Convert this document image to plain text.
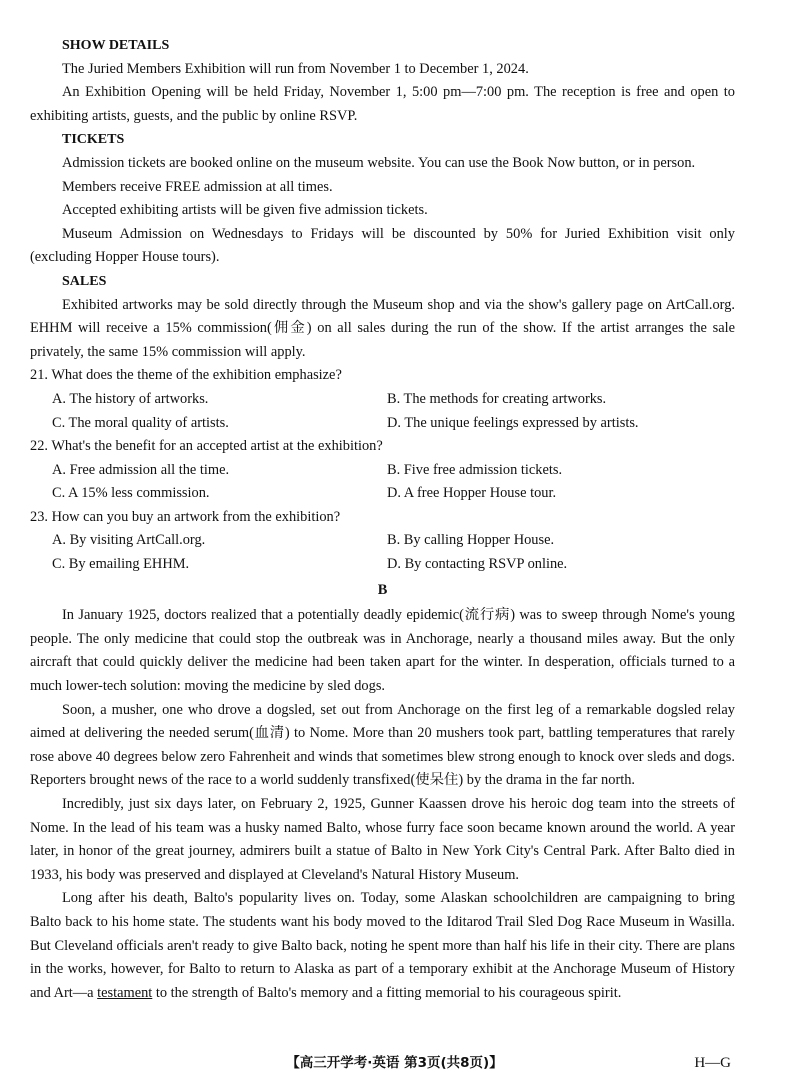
SHOW DETAILS

The Juried Members Exhibition will run from November 1 to December 1, 2024.

An Exhibition Opening will be held Friday, November 1, 5:00 pm—7:00 pm. The reception is free and open to exhibiting artists, guests, and the public by online RSVP.

TICKETS

Admission tickets are booked online on the museum website. You can use the Book Now button, or in person.

Members receive FREE admission at all times.

Accepted exhibiting artists will be given five admission tickets.

Museum Admission on Wednesdays to Fridays will be discounted by 50% for Juried Exhibition visit only (excluding Hopper House tours).

SALES

Exhibited artworks may be sold directly through the Museum shop and via the show's gallery page on ArtCall.org. EHHM will receive a 15% commission(佣金) on all sales during the run of the show. If the artist arranges the sale privately, the same 15% commission will apply.

21. What does the theme of the exhibition emphasize?

A. The history of artworks.	B. The methods for creating artworks.
C. The moral quality of artists.	D. The unique feelings expressed by artists.

22. What's the benefit for an accepted artist at the exhibition?

A. Free admission all the time.	B. Five free admission tickets.
C. A 15% less commission.	D. A free Hopper House tour.

23. How can you buy an artwork from the exhibition?

A. By visiting ArtCall.org.	B. By calling Hopper House.
C. By emailing EHHM.	D. By contacting RSVP online.
B

In January 1925, doctors realized that a potentially deadly epidemic(流行病) was to sweep through Nome's young people. The only medicine that could stop the outbreak was in Anchorage, nearly a thousand miles away. But the only aircraft that could quickly deliver the medicine had been taken apart for the winter. In desperation, officials turned to a much lower-tech solution: moving the medicine by sled dogs.

Soon, a musher, one who drove a dogsled, set out from Anchorage on the first leg of a remarkable dogsled relay aimed at delivering the needed serum(血清) to Nome. More than 20 mushers took part, battling temperatures that rarely rose above 40 degrees below zero Fahrenheit and winds that sometimes blew strong enough to knock over sleds and dogs. Reporters brought news of the race to a world suddenly transfixed(使呆住) by the drama in the far north.

Incredibly, just six days later, on February 2, 1925, Gunner Kaassen drove his heroic dog team into the streets of Nome. In the lead of his team was a husky named Balto, whose furry face soon became known around the world. A year later, in honor of the great journey, admirers built a statue of Balto in New York City's Central Park. After Balto died in 1933, his body was preserved and displayed at Cleveland's Natural History Museum.

Long after his death, Balto's popularity lives on. Today, some Alaskan schoolchildren are campaigning to bring Balto back to his home state. The students want his body moved to the Iditarod Trail Sled Dog Race Museum in Wasilla. But Cleveland officials aren't ready to give Balto back, noting he spent more than half his life in their city. There are plans in the works, however, for Balto to return to Alaska as part of a temporary exhibit at the Anchorage Museum of History and Art—a testament to the strength of Balto's memory and a fitting memorial to his courageous spirit.

【高三开学考·英语 第3页(共8页)】	H—G
